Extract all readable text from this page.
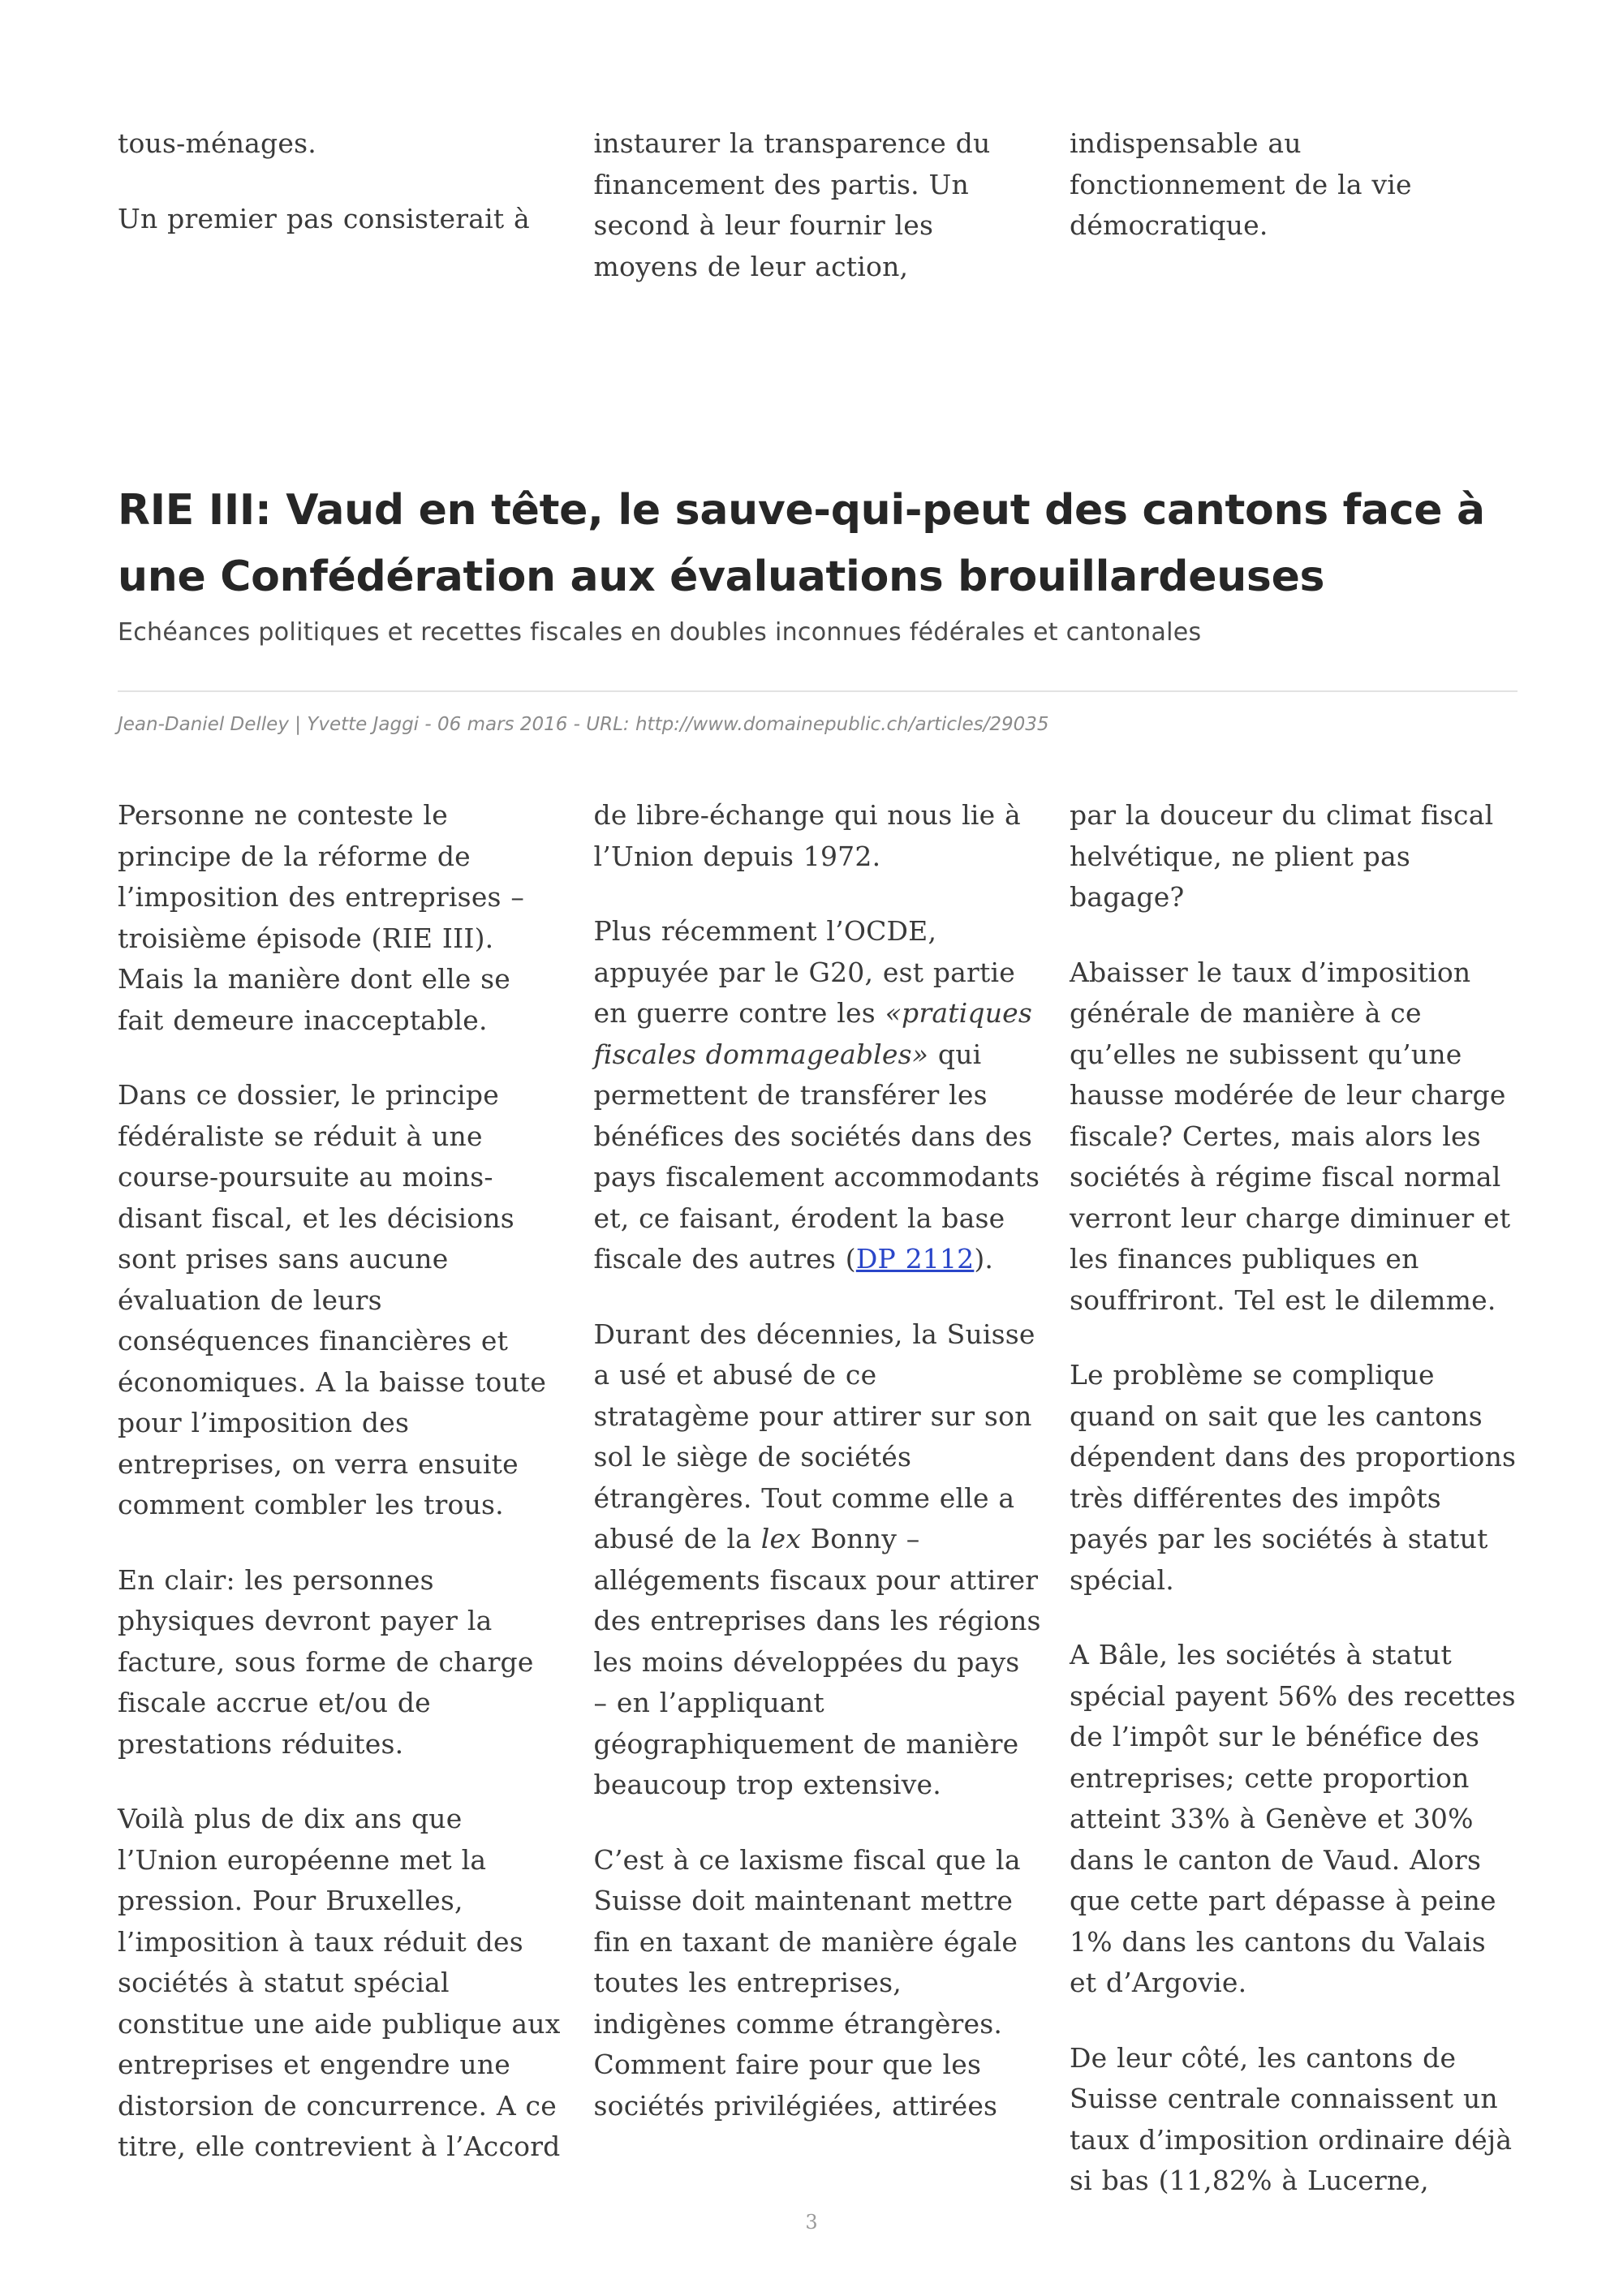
tous-ménages.

Un premier pas consisterait à

instaurer la transparence du financement des partis. Un second à leur fournir les moyens de leur action,

indispensable au fonctionnement de la vie démocratique.

RIE III: Vaud en tête, le sauve-qui-peut des cantons face à une Confédération aux évaluations brouillardeuses

Echéances politiques et recettes fiscales en doubles inconnues fédérales et cantonales

Jean-Daniel Delley | Yvette Jaggi - 06 mars 2016 - URL: http://www.domainepublic.ch/articles/29035

Personne ne conteste le principe de la réforme de l’imposition des entreprises – troisième épisode (RIE III). Mais la manière dont elle se fait demeure inacceptable.

Dans ce dossier, le principe fédéraliste se réduit à une course-poursuite au moins-disant fiscal, et les décisions sont prises sans aucune évaluation de leurs conséquences financières et économiques. A la baisse toute pour l’imposition des entreprises, on verra ensuite comment combler les trous.

En clair: les personnes physiques devront payer la facture, sous forme de charge fiscale accrue et/ou de prestations réduites.

Voilà plus de dix ans que l’Union européenne met la pression. Pour Bruxelles, l’imposition à taux réduit des sociétés à statut spécial constitue une aide publique aux entreprises et engendre une distorsion de concurrence. A ce titre, elle contrevient à l’Accord

de libre-échange qui nous lie à l’Union depuis 1972.

Plus récemment l’OCDE, appuyée par le G20, est partie en guerre contre les «pratiques fiscales dommageables» qui permettent de transférer les bénéfices des sociétés dans des pays fiscalement accommodants et, ce faisant, érodent la base fiscale des autres (DP 2112).

Durant des décennies, la Suisse a usé et abusé de ce stratagème pour attirer sur son sol le siège de sociétés étrangères. Tout comme elle a abusé de la lex Bonny – allégements fiscaux pour attirer des entreprises dans les régions les moins développées du pays – en l’appliquant géographiquement de manière beaucoup trop extensive.

C’est à ce laxisme fiscal que la Suisse doit maintenant mettre fin en taxant de manière égale toutes les entreprises, indigènes comme étrangères. Comment faire pour que les sociétés privilégiées, attirées

par la douceur du climat fiscal helvétique, ne plient pas bagage?

Abaisser le taux d’imposition générale de manière à ce qu’elles ne subissent qu’une hausse modérée de leur charge fiscale? Certes, mais alors les sociétés à régime fiscal normal verront leur charge diminuer et les finances publiques en souffriront. Tel est le dilemme.

Le problème se complique quand on sait que les cantons dépendent dans des proportions très différentes des impôts payés par les sociétés à statut spécial.

A Bâle, les sociétés à statut spécial payent 56% des recettes de l’impôt sur le bénéfice des entreprises; cette proportion atteint 33% à Genève et 30% dans le canton de Vaud. Alors que cette part dépasse à peine 1% dans les cantons du Valais et d’Argovie.

De leur côté, les cantons de Suisse centrale connaissent un taux d’imposition ordinaire déjà si bas (11,82% à Lucerne,

3
